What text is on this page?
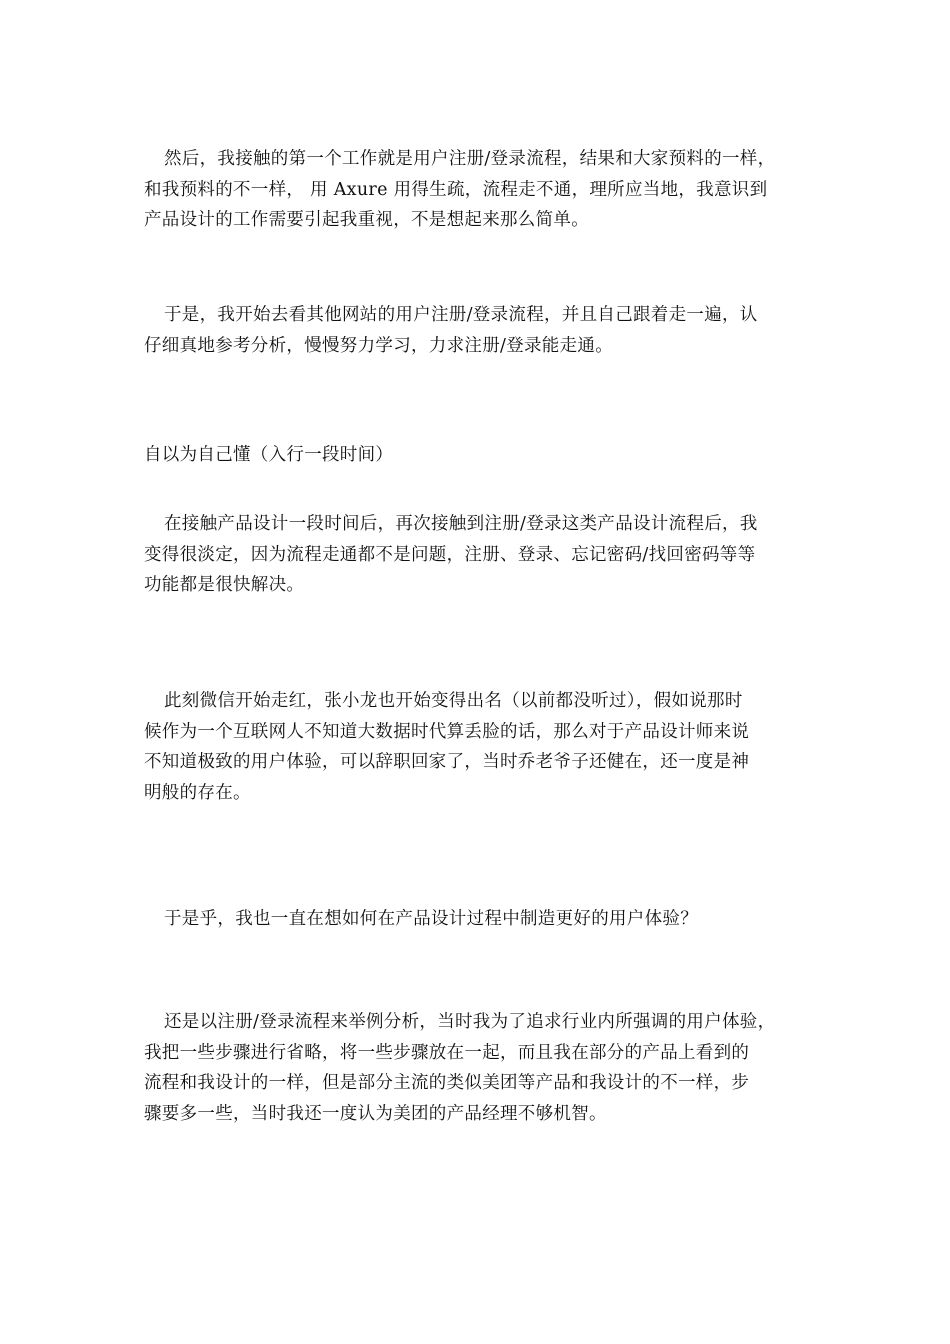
然后，我接触的第一个工作就是用户注册/登录流程，结果和大家预料的一样，
和我预料的不一样， 用 Axure 用得生疏，流程走不通，理所应当地，我意识到
产品设计的工作需要引起我重视，不是想起来那么简单。

于是，我开始去看其他网站的用户注册/登录流程，并且自己跟着走一遍，认
仔细真地参考分析，慢慢努力学习，力求注册/登录能走通。

自以为自己懂（入行一段时间）

在接触产品设计一段时间后，再次接触到注册/登录这类产品设计流程后，我
变得很淡定，因为流程走通都不是问题，注册、登录、忘记密码/找回密码等等
功能都是很快解决。

此刻微信开始走红，张小龙也开始变得出名（以前都没听过），假如说那时
候作为一个互联网人不知道大数据时代算丢脸的话，那么对于产品设计师来说
不知道极致的用户体验，可以辞职回家了，当时乔老爷子还健在，还一度是神
明般的存在。

于是乎，我也一直在想如何在产品设计过程中制造更好的用户体验？

还是以注册/登录流程来举例分析，当时我为了追求行业内所强调的用户体验，
我把一些步骤进行省略，将一些步骤放在一起，而且我在部分的产品上看到的
流程和我设计的一样，但是部分主流的类似美团等产品和我设计的不一样，步
骤要多一些，当时我还一度认为美团的产品经理不够机智。
